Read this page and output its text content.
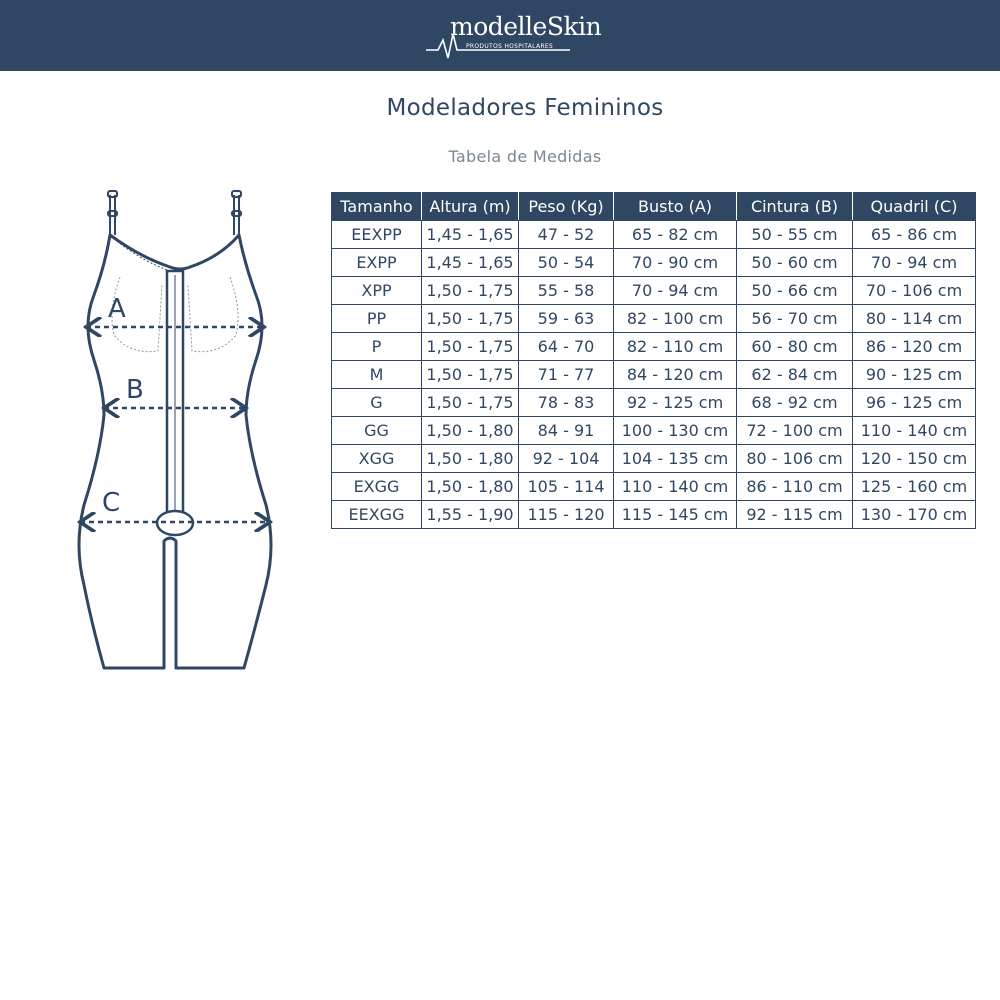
modelleSkin
PRODUTOS HOSPITALARES
Modeladores Femininos
Tabela de Medidas
A
B
C
Tamanho	Altura (m)	Peso (Kg)	Busto (A)	Cintura (B)	Quadril (C)
EEXPP	1,45 - 1,65	47 - 52	65 - 82 cm	50 - 55 cm	65 - 86 cm
EXPP	1,45 - 1,65	50 - 54	70 - 90 cm	50 - 60 cm	70 - 94 cm
XPP	1,50 - 1,75	55 - 58	70 - 94 cm	50 - 66 cm	70 - 106 cm
PP	1,50 - 1,75	59 - 63	82 - 100 cm	56 - 70 cm	80 - 114 cm
P	1,50 - 1,75	64 - 70	82 - 110 cm	60 - 80 cm	86 - 120 cm
M	1,50 - 1,75	71 - 77	84 - 120 cm	62 - 84 cm	90 - 125 cm
G	1,50 - 1,75	78 - 83	92 - 125 cm	68 - 92 cm	96 - 125 cm
GG	1,50 - 1,80	84 - 91	100 - 130 cm	72 - 100 cm	110 - 140 cm
XGG	1,50 - 1,80	92 - 104	104 - 135 cm	80 - 106 cm	120 - 150 cm
EXGG	1,50 - 1,80	105 - 114	110 - 140 cm	86 - 110 cm	125 - 160 cm
EEXGG	1,55 - 1,90	115 - 120	115 - 145 cm	92 - 115 cm	130 - 170 cm
